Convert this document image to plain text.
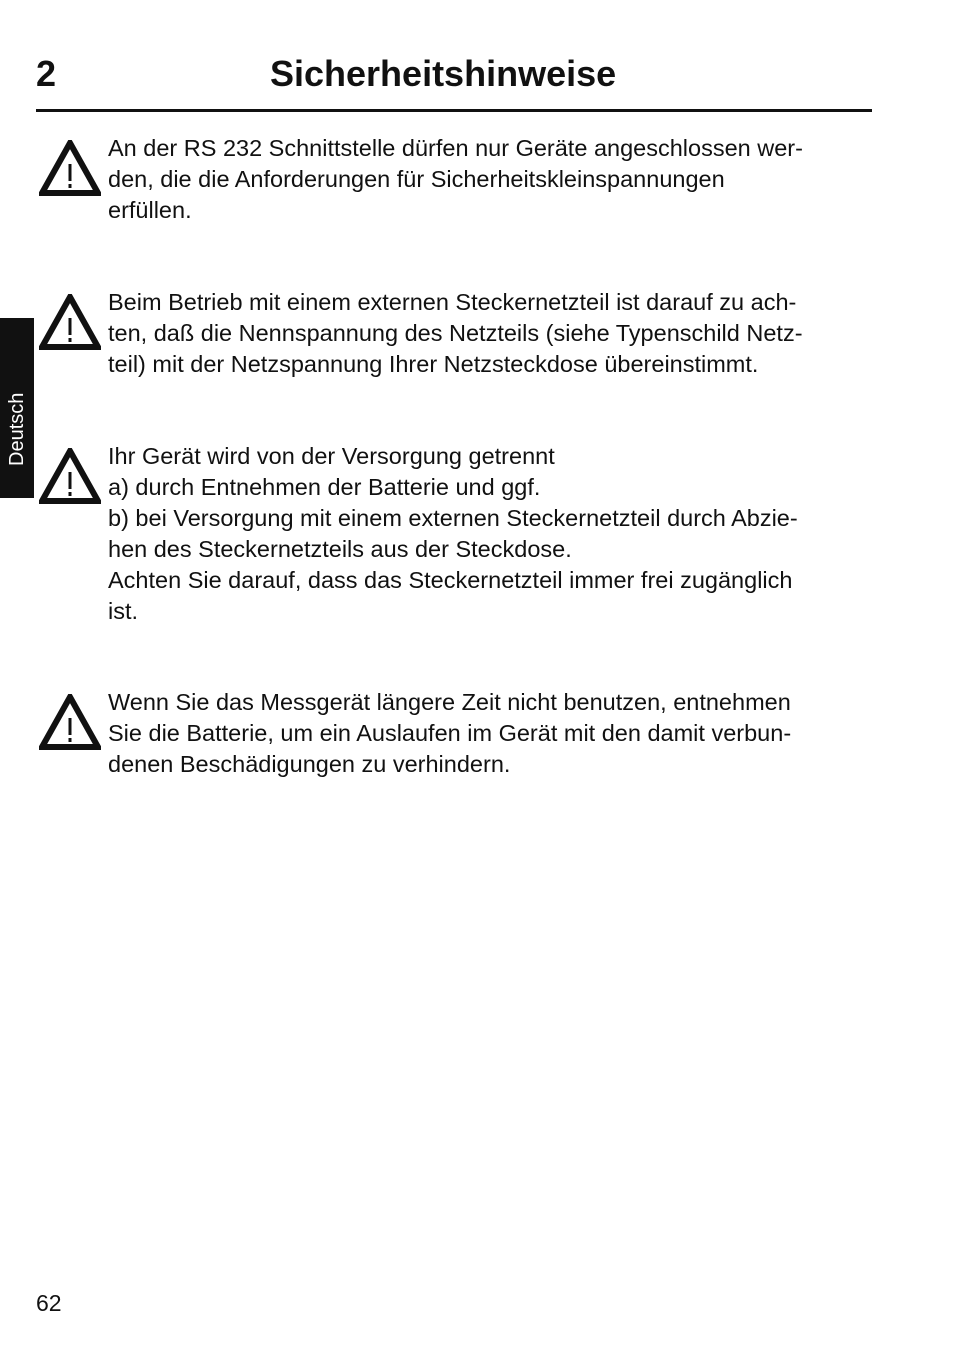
2	Sicherheitshinweise
Deutsch

An der RS 232 Schnittstelle dürfen nur Geräte angeschlossen wer-
den, die die Anforderungen für Sicherheitskleinspannungen
erfüllen.

Beim Betrieb mit einem externen Steckernetzteil ist darauf zu ach-
ten, daß die Nennspannung des Netzteils (siehe Typenschild Netz-
teil) mit der Netzspannung Ihrer Netzsteckdose übereinstimmt.

Ihr Gerät wird von der Versorgung getrennt
a) durch Entnehmen der Batterie und ggf.
b) bei Versorgung mit einem externen Steckernetzteil durch Abzie-
hen des Steckernetzteils aus der Steckdose.
Achten Sie darauf, dass das Steckernetzteil immer frei zugänglich
ist.

Wenn Sie das Messgerät längere Zeit nicht benutzen, entnehmen
Sie die Batterie, um ein Auslaufen im Gerät mit den damit verbun-
denen Beschädigungen zu verhindern.

62
